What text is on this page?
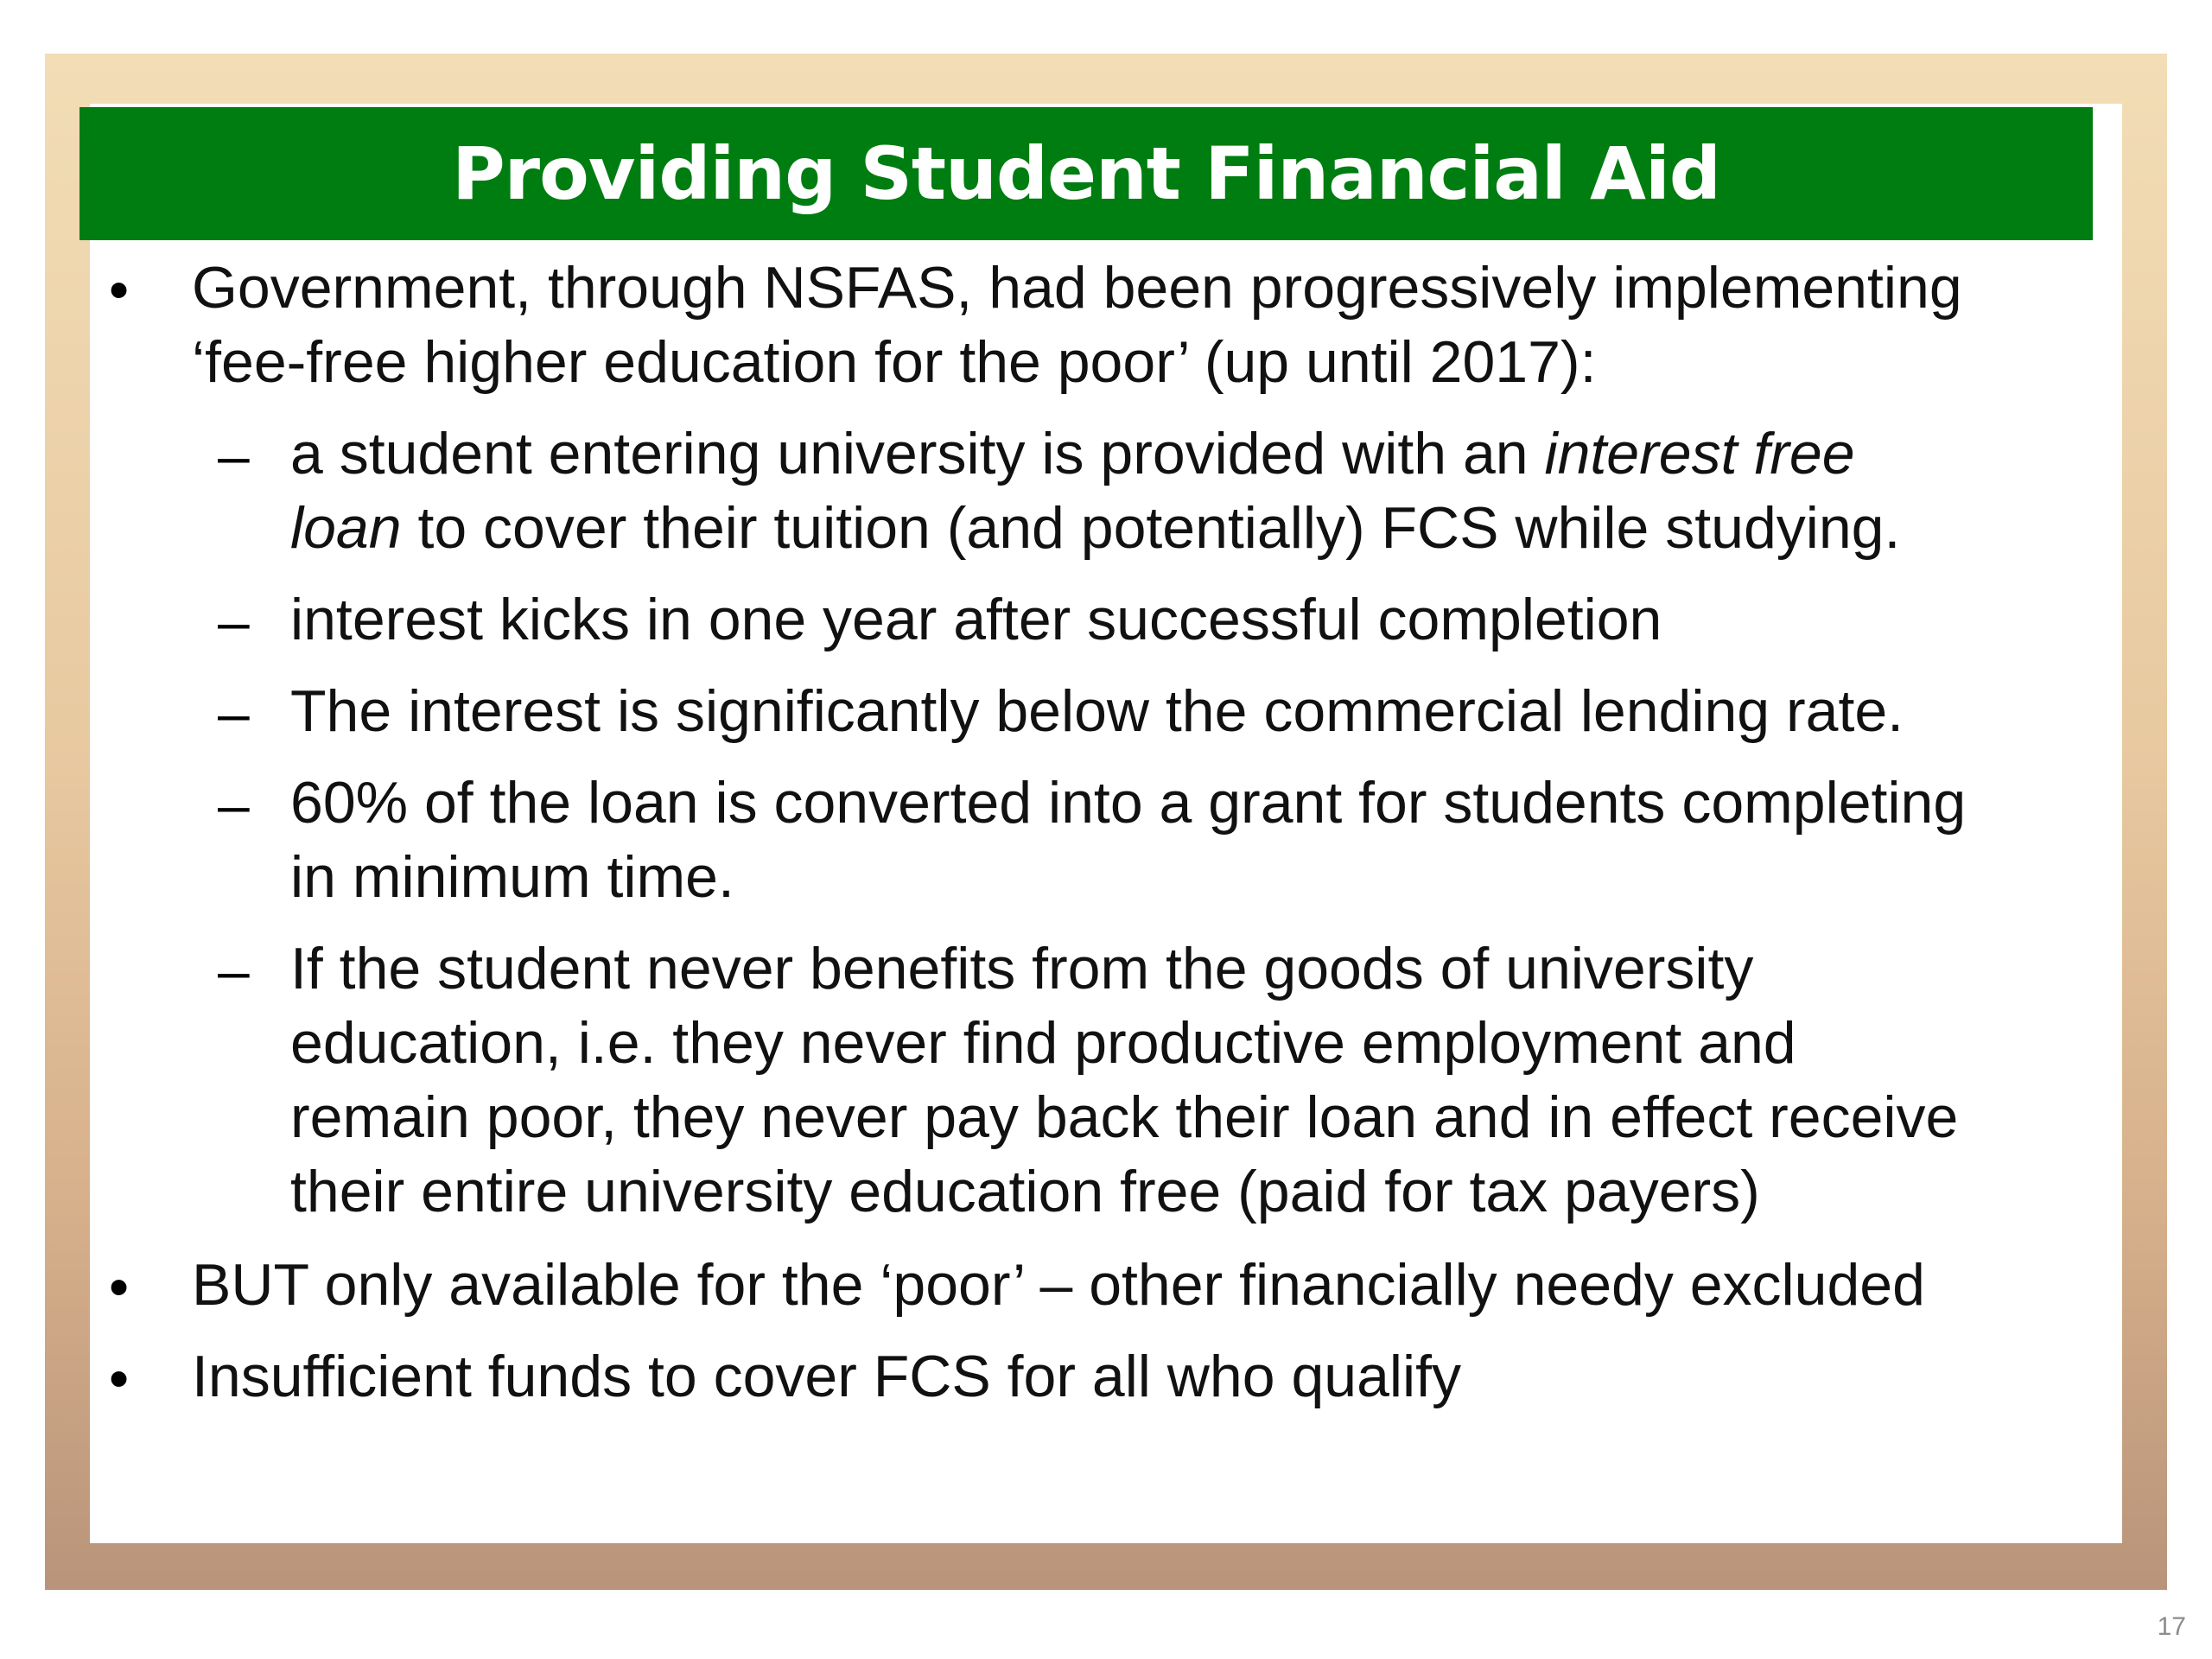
Providing Student Financial Aid
• Government, through NSFAS, had been progressively implementing
‘fee-free higher education for the poor’ (up until 2017):
– a student entering university is provided with an interest free
loan to cover their tuition (and potentially) FCS while studying.
– interest kicks in one year after successful completion
– The interest is significantly below the commercial lending rate.
– 60% of the loan is converted into a grant for students completing
in minimum time.
– If the student never benefits from the goods of university
education, i.e. they never find productive employment and
remain poor, they never pay back their loan and in effect receive
their entire university education free (paid for tax payers)
• BUT only available for the ‘poor’ – other financially needy excluded
• Insufficient funds to cover FCS for all who qualify
17
